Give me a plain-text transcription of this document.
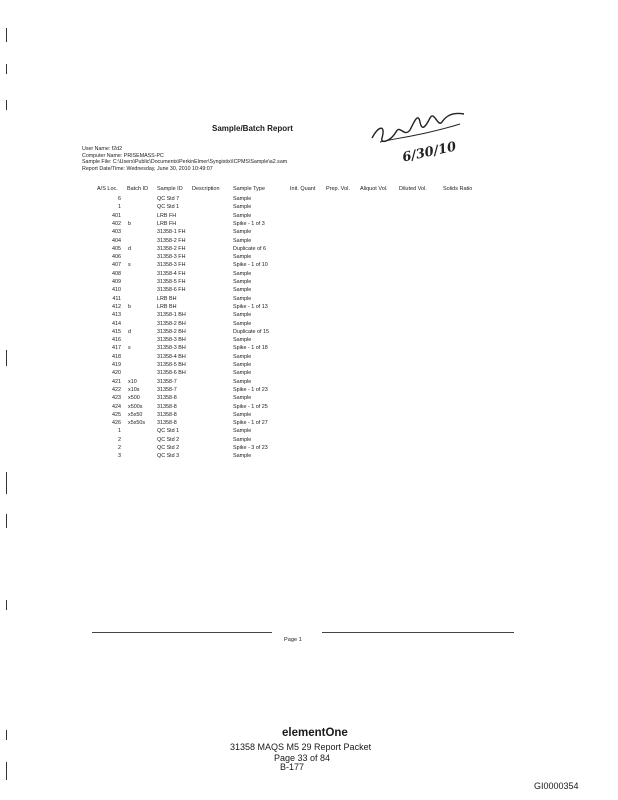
Sample/Batch Report
6/30/10
User Name: f2d2
Computer Name: PRISEMASS-PC
Sample File: C:\Users\Public\Documents\PerkinElmer\Syngistix\ICPMS\Sample\a2.sam
Report Date/Time: Wednesday, June 30, 2010 10:49:07
A/S Loc. Batch ID Sample ID Description Sample Type	Init. Quant Prep. Vol. Aliquot Vol. Diluted Vol.	Solids Ratio
6	QC Std 7	Sample
1	QC Std 1	Sample
401	LRB FH	Sample
402 b	LRB FH	Spike - 1 of 3
403	31358-1 FH	Sample
404	31358-2 FH	Sample
405 d	31358-2 FH	Duplicate of 6
406	31358-3 FH	Sample
407 s	31358-3 FH	Spike - 1 of 10
408	31358-4 FH	Sample
409	31358-5 FH	Sample
410	31358-6 FH	Sample
411	LRB BH	Sample
412 b	LRB BH	Spike - 1 of 13
413	31358-1 BH	Sample
414	31358-2 BH	Sample
415 d	31358-2 BH	Duplicate of 15
416	31358-3 BH	Sample
417 s	31358-3 BH	Spike - 1 of 18
418	31358-4 BH	Sample
419	31358-5 BH	Sample
420	31358-6 BH	Sample
421 x10	31358-7	Sample
422 x10s	31358-7	Spike - 1 of 23
423 x500	31358-8	Sample
424 x500s	31358-8	Spike - 1 of 25
425 x5x50	31358-8	Sample
426 x5x50s	31358-8	Spike - 1 of 27
1	QC Std 1	Sample
2	QC Std 2	Sample
2	QC Std 2	Spike - 3 of 23
3	QC Std 3	Sample
Page 1
elementOne
31358 MAQS M5 29 Report Packet
Page 33 of 84
B-177
GI0000354
